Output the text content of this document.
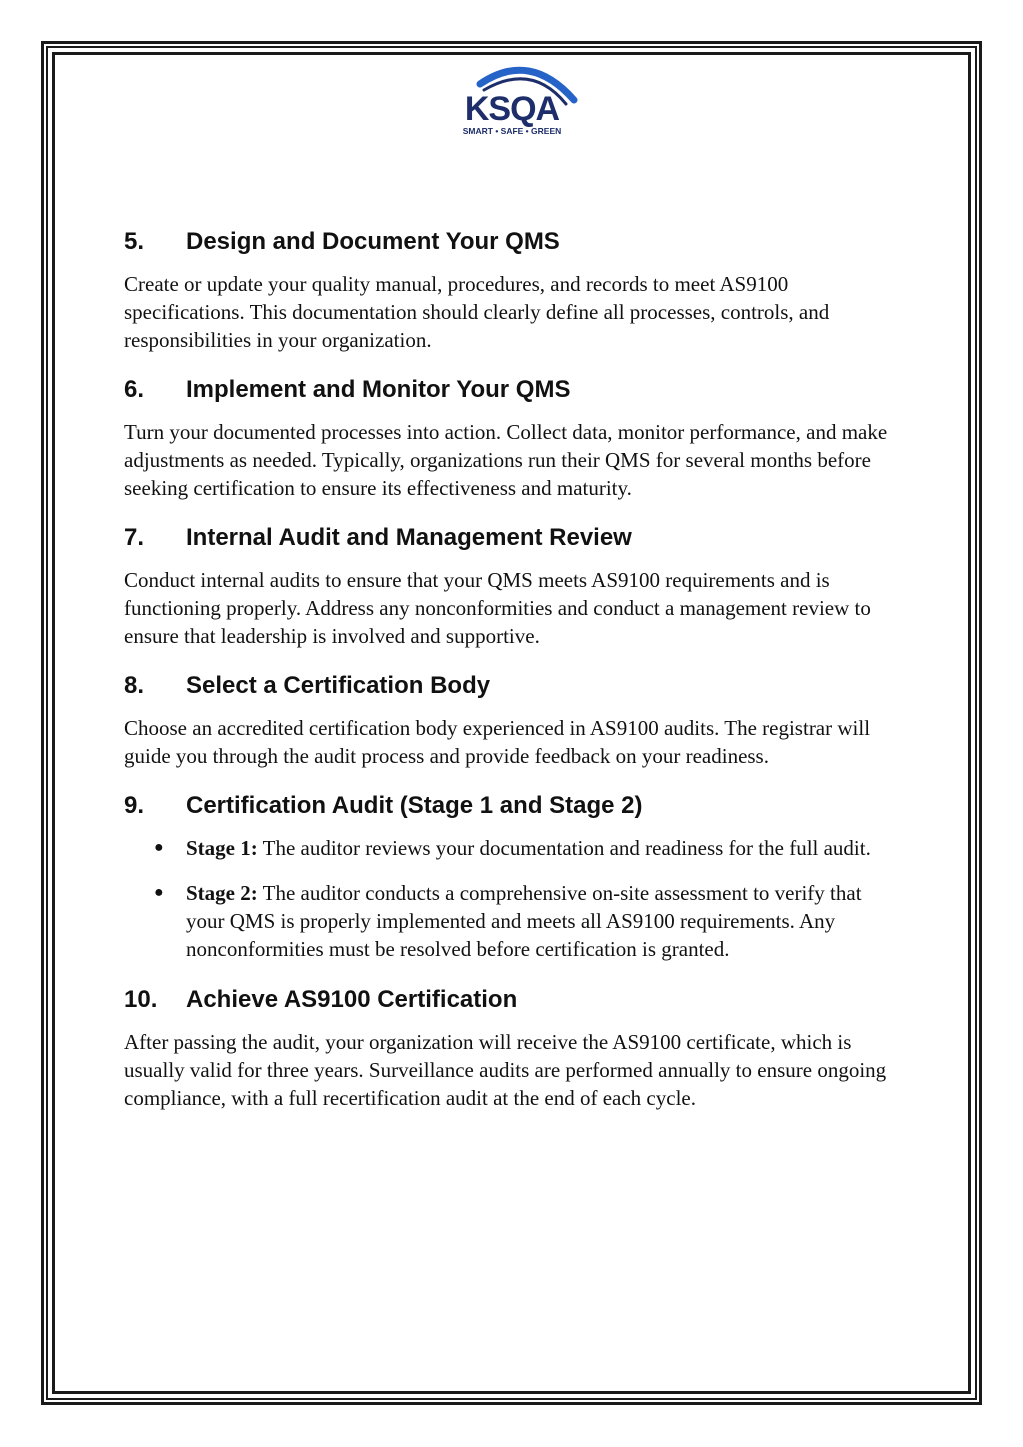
KSQA
SMART • SAFE • GREEN
5.	Design and Document Your QMS

Create or update your quality manual, procedures, and records to meet AS9100 specifications. This documentation should clearly define all processes, controls, and responsibilities in your organization.

6.	Implement and Monitor Your QMS

Turn your documented processes into action. Collect data, monitor performance, and make adjustments as needed. Typically, organizations run their QMS for several months before seeking certification to ensure its effectiveness and maturity.

7.	Internal Audit and Management Review

Conduct internal audits to ensure that your QMS meets AS9100 requirements and is functioning properly. Address any nonconformities and conduct a management review to ensure that leadership is involved and supportive.

8.	Select a Certification Body

Choose an accredited certification body experienced in AS9100 audits. The registrar will guide you through the audit process and provide feedback on your readiness.

9.	Certification Audit (Stage 1 and Stage 2)
● Stage 1: The auditor reviews your documentation and readiness for the full audit.
● Stage 2: The auditor conducts a comprehensive on-site assessment to verify that your QMS is properly implemented and meets all AS9100 requirements. Any nonconformities must be resolved before certification is granted.
10.	Achieve AS9100 Certification

After passing the audit, your organization will receive the AS9100 certificate, which is usually valid for three years. Surveillance audits are performed annually to ensure ongoing compliance, with a full recertification audit at the end of each cycle.
